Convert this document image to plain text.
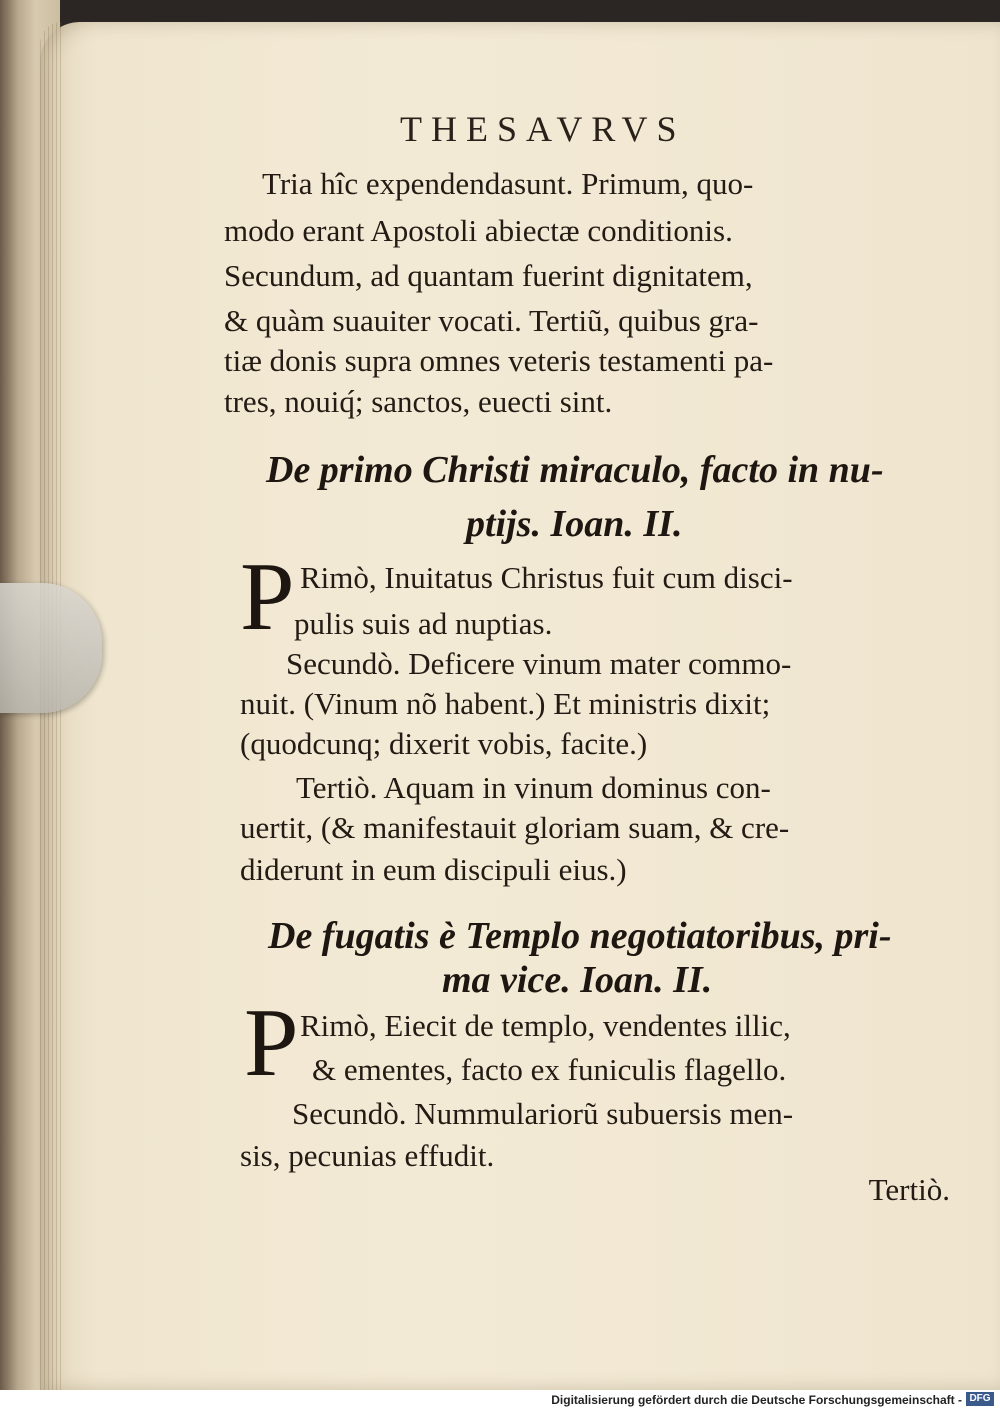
THESAVRVS
Tria hîc expendendasunt. Primum, quo-
modo erant Apostoli abiectæ conditionis.
Secundum, ad quantam fuerint dignitatem,
& quàm suauiter vocati. Tertiũ, quibus gra-
tiæ donis supra omnes veteris testamenti pa-
tres, nouiq́; sanctos, euecti sint.
De primo Christi miraculo, facto in nu-
ptijs. Ioan. II.
P Rimò, Inuitatus Christus fuit cum disci-
pulis suis ad nuptias.
Secundò. Deficere vinum mater commo-
nuit. (Vinum nõ habent.) Et ministris dixit;
(quodcunq; dixerit vobis, facite.)
Tertiò. Aquam in vinum dominus con-
uertit, (& manifestauit gloriam suam, & cre-
diderunt in eum discipuli eius.)
De fugatis è Templo negotiatoribus, pri-
ma vice. Ioan. II.
P Rimò, Eiecit de templo, vendentes illic,
& ementes, facto ex funiculis flagello.
Secundò. Nummulariorũ subuersis men-
sis, pecunias effudit.
Tertiò.
Digitalisierung gefördert durch die Deutsche Forschungsgemeinschaft - DFG
